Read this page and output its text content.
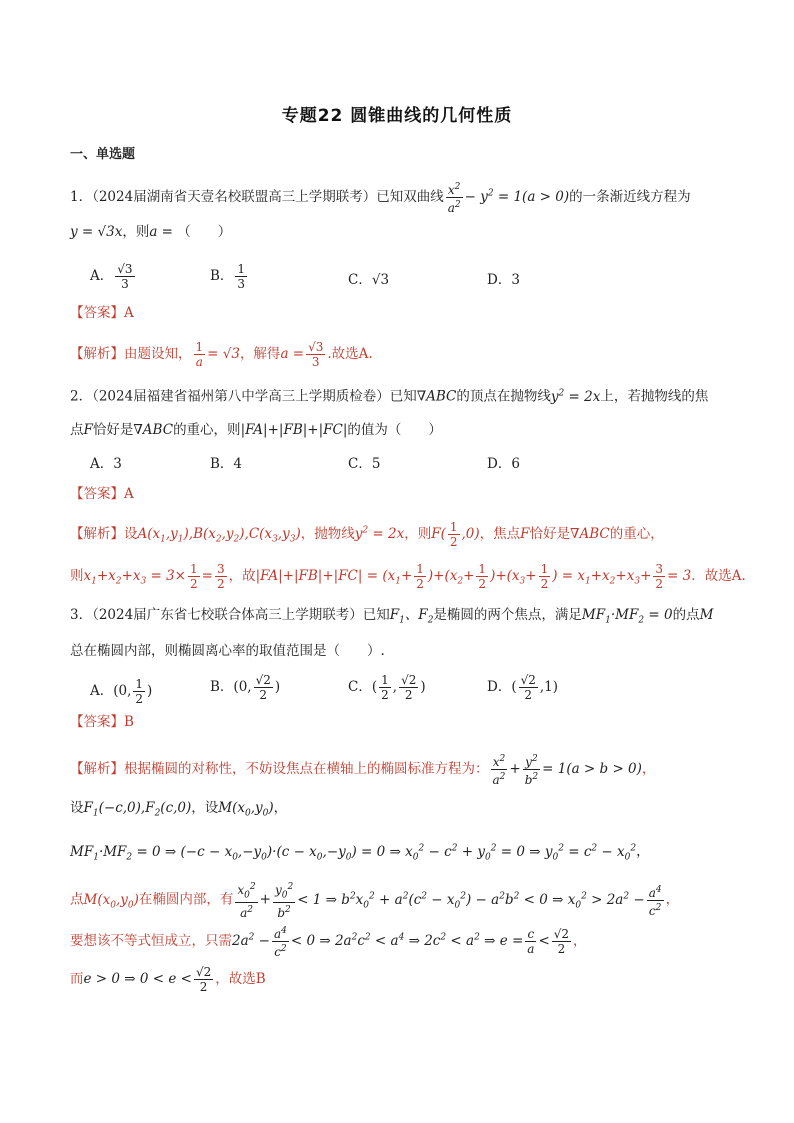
专题22 圆锥曲线的几何性质
一、单选题
1．（2024届湖南省天壹名校联盟高三上学期联考）已知双曲线 $\frac{x^2}{a^2} - y^2 = 1(a > 0)$的一条渐近线方程为
y = √3x，则a = （　　）
A． $\frac{√3}{3}$	B． $\frac{1}{3}$	C．√3	D．3
【答案】A
【解析】由题设知， $\frac{1}{a} = √3$，解得$a = \frac{√3}{3}$ .故选A.
2．（2024届福建省福州第八中学高三上学期质检卷）已知∇ABC的顶点在抛物线$y^2 = 2x$上，若抛物线的焦
点F恰好是∇ABC的重心，则|FA|+|FB|+|FC|的值为（　　）
A．3	B．4	C．5	D．6
【答案】A
【解析】设$A(x_1,y_1),B(x_2,y_2),C(x_3,y_3)$，抛物线$y^2 = 2x$，则$F( \frac{1}{2} ,0)$，焦点F恰好是∇ABC的重心，
则$x_1+x_2+x_3 = 3\times \frac{1}{2} = \frac{3}{2}$ ，故$|FA|+|FB|+|FC| = (x_1+ \frac{1}{2} )+(x_2+ \frac{1}{2} )+(x_3+ \frac{1}{2}$ ) = $x_1+x_2+x_3+ \frac{3}{2} = 3$．故选A.
3．（2024届广东省七校联合体高三上学期联考）已知$F_1$、$F_2$是椭圆的两个焦点，满足$MF_1\cdot MF_2 = 0$的点M
总在椭圆内部，则椭圆离心率的取值范围是（　　）.
A．(0, $\frac{1}{2}$ )	B．(0, $\frac{√2}{2}$ )	C．( $\frac{1}{2}$ , $\frac{√2}{2}$ )	D．( $\frac{√2}{2} ,1$)
【答案】B
【解析】根据椭圆的对称性，不妨设焦点在横轴上的椭圆标准方程为： $\frac{x^2}{a^2} + \frac{y^2}{b^2} = 1(a > b > 0)$，
设$F_1(-c,0),F_2(c,0)$，设$M(x_0,y_0)$，
$MF_1\cdot MF_2 = 0$ ⇒ $(-c - x_0,-y_0)\cdot(c - x_0,-y_0) = 0$ ⇒ $x_0^2 - c^2 + y_0^2 = 0$ ⇒ $y_0^2 = c^2 - x_0^2$，
点$M(x_0,y_0)$在椭圆内部，有 $\frac{x_0^2}{a^2} + \frac{y_0^2}{b^2} < 1$ ⇒ $b^2x_0^2 + a^2(c^2 - x_0^2) - a^2b^2 < 0$ ⇒ $x_0^2 > 2a^2 - \frac{a^4}{c^2}$ ，
要想该不等式恒成立，只需$2a^2 - \frac{a^4}{c^2} < 0$ ⇒ $2a^2c^2 < a^4$ ⇒ $2c^2 < a^2$ ⇒ $e = \frac{c}{a} < \frac{√2}{2}$ ，
而e > 0 ⇒ $0 < e < \frac{√2}{2}$ ，故选B
